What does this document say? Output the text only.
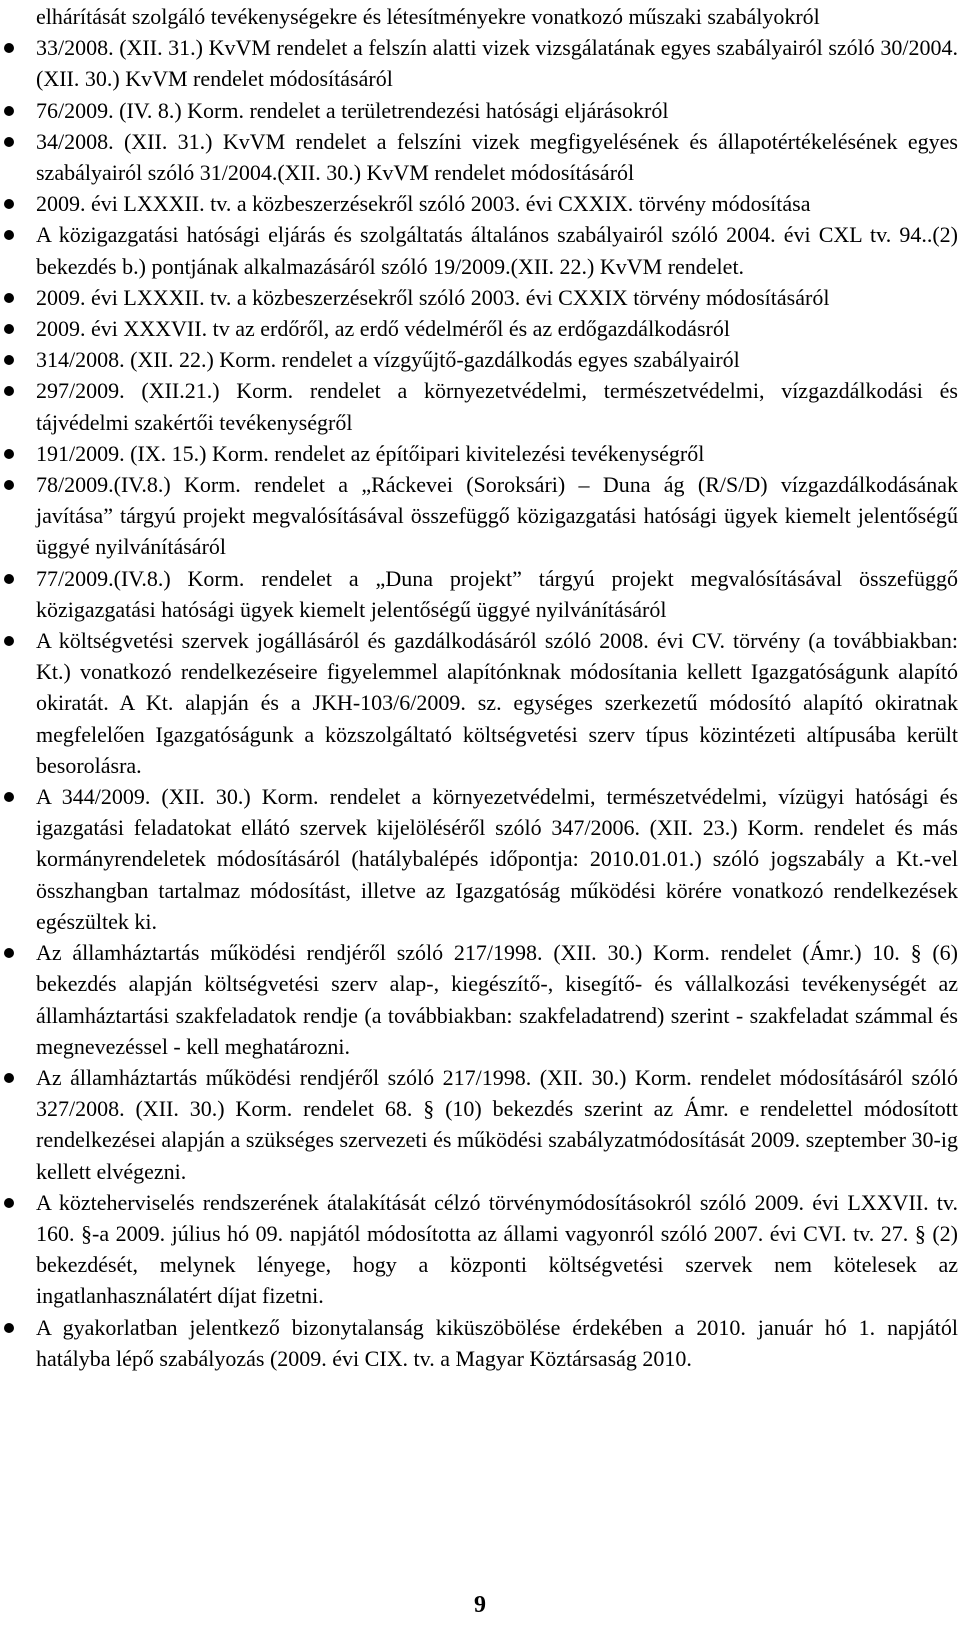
elhárítását szolgáló tevékenységekre és létesítményekre vonatkozó műszaki szabályokról
33/2008. (XII. 31.) KvVM rendelet a felszín alatti vizek vizsgálatának egyes szabályairól szóló 30/2004. (XII. 30.) KvVM rendelet módosításáról
76/2009. (IV. 8.) Korm. rendelet a területrendezési hatósági eljárásokról
34/2008. (XII. 31.) KvVM rendelet a felszíni vizek megfigyelésének és állapotértékelésének egyes szabályairól szóló 31/2004.(XII. 30.) KvVM rendelet módosításáról
2009. évi LXXXII. tv. a közbeszerzésekről szóló 2003. évi CXXIX. törvény módosítása
A közigazgatási hatósági eljárás és szolgáltatás általános szabályairól szóló 2004. évi CXL tv. 94..(2) bekezdés b.) pontjának alkalmazásáról szóló 19/2009.(XII. 22.) KvVM rendelet.
2009. évi LXXXII. tv. a közbeszerzésekről szóló 2003. évi CXXIX törvény módosításáról
2009. évi XXXVII. tv az erdőről, az erdő védelméről és az erdőgazdálkodásról
314/2008. (XII. 22.) Korm. rendelet a vízgyűjtő-gazdálkodás egyes szabályairól
297/2009. (XII.21.) Korm. rendelet a környezetvédelmi, természetvédelmi, vízgazdálkodási és tájvédelmi szakértői tevékenységről
191/2009. (IX. 15.) Korm. rendelet az építőipari kivitelezési tevékenységről
78/2009.(IV.8.) Korm. rendelet a „Ráckevei (Soroksári) – Duna ág (R/S/D) vízgazdálkodásának javítása” tárgyú projekt megvalósításával összefüggő közigazgatási hatósági ügyek kiemelt jelentőségű üggyé nyilvánításáról
77/2009.(IV.8.) Korm. rendelet a „Duna projekt” tárgyú projekt megvalósításával összefüggő közigazgatási hatósági ügyek kiemelt jelentőségű üggyé nyilvánításáról
A költségvetési szervek jogállásáról és gazdálkodásáról szóló 2008. évi CV. törvény (a továbbiakban: Kt.) vonatkozó rendelkezéseire figyelemmel alapítónknak módosítania kellett Igazgatóságunk alapító okiratát. A Kt. alapján és a JKH-103/6/2009. sz. egységes szerkezetű módosító alapító okiratnak megfelelően Igazgatóságunk a közszolgáltató költségvetési szerv típus közintézeti altípusába került besorolásra.
A 344/2009. (XII. 30.) Korm. rendelet a környezetvédelmi, természetvédelmi, vízügyi hatósági és igazgatási feladatokat ellátó szervek kijelöléséről szóló 347/2006. (XII. 23.) Korm. rendelet és más kormányrendeletek módosításáról (hatálybalépés időpontja: 2010.01.01.) szóló jogszabály a Kt.-vel összhangban tartalmaz módosítást, illetve az Igazgatóság működési körére vonatkozó rendelkezések egészültek ki.
Az államháztartás működési rendjéről szóló 217/1998. (XII. 30.) Korm. rendelet (Ámr.) 10. § (6) bekezdés alapján költségvetési szerv alap-, kiegészítő-, kisegítő- és vállalkozási tevékenységét az államháztartási szakfeladatok rendje (a továbbiakban: szakfeladatrend) szerint - szakfeladat számmal és megnevezéssel - kell meghatározni.
Az államháztartás működési rendjéről szóló 217/1998. (XII. 30.) Korm. rendelet módosításáról szóló 327/2008. (XII. 30.) Korm. rendelet 68. § (10) bekezdés szerint az Ámr. e rendelettel módosított rendelkezései alapján a szükséges szervezeti és működési szabályzatmódosítását 2009. szeptember 30-ig kellett elvégezni.
A közteherviselés rendszerének átalakítását célzó törvénymódosításokról szóló 2009. évi LXXVII. tv. 160. §-a 2009. július hó 09. napjától módosította az állami vagyonról szóló 2007. évi CVI. tv. 27. § (2) bekezdését, melynek lényege, hogy a központi költségvetési szervek nem kötelesek az ingatlanhasználatért díjat fizetni.
A gyakorlatban jelentkező bizonytalanság kiküszöbölése érdekében a 2010. január hó 1. napjától hatályba lépő szabályozás (2009. évi CIX. tv. a Magyar Köztársaság 2010.
9
